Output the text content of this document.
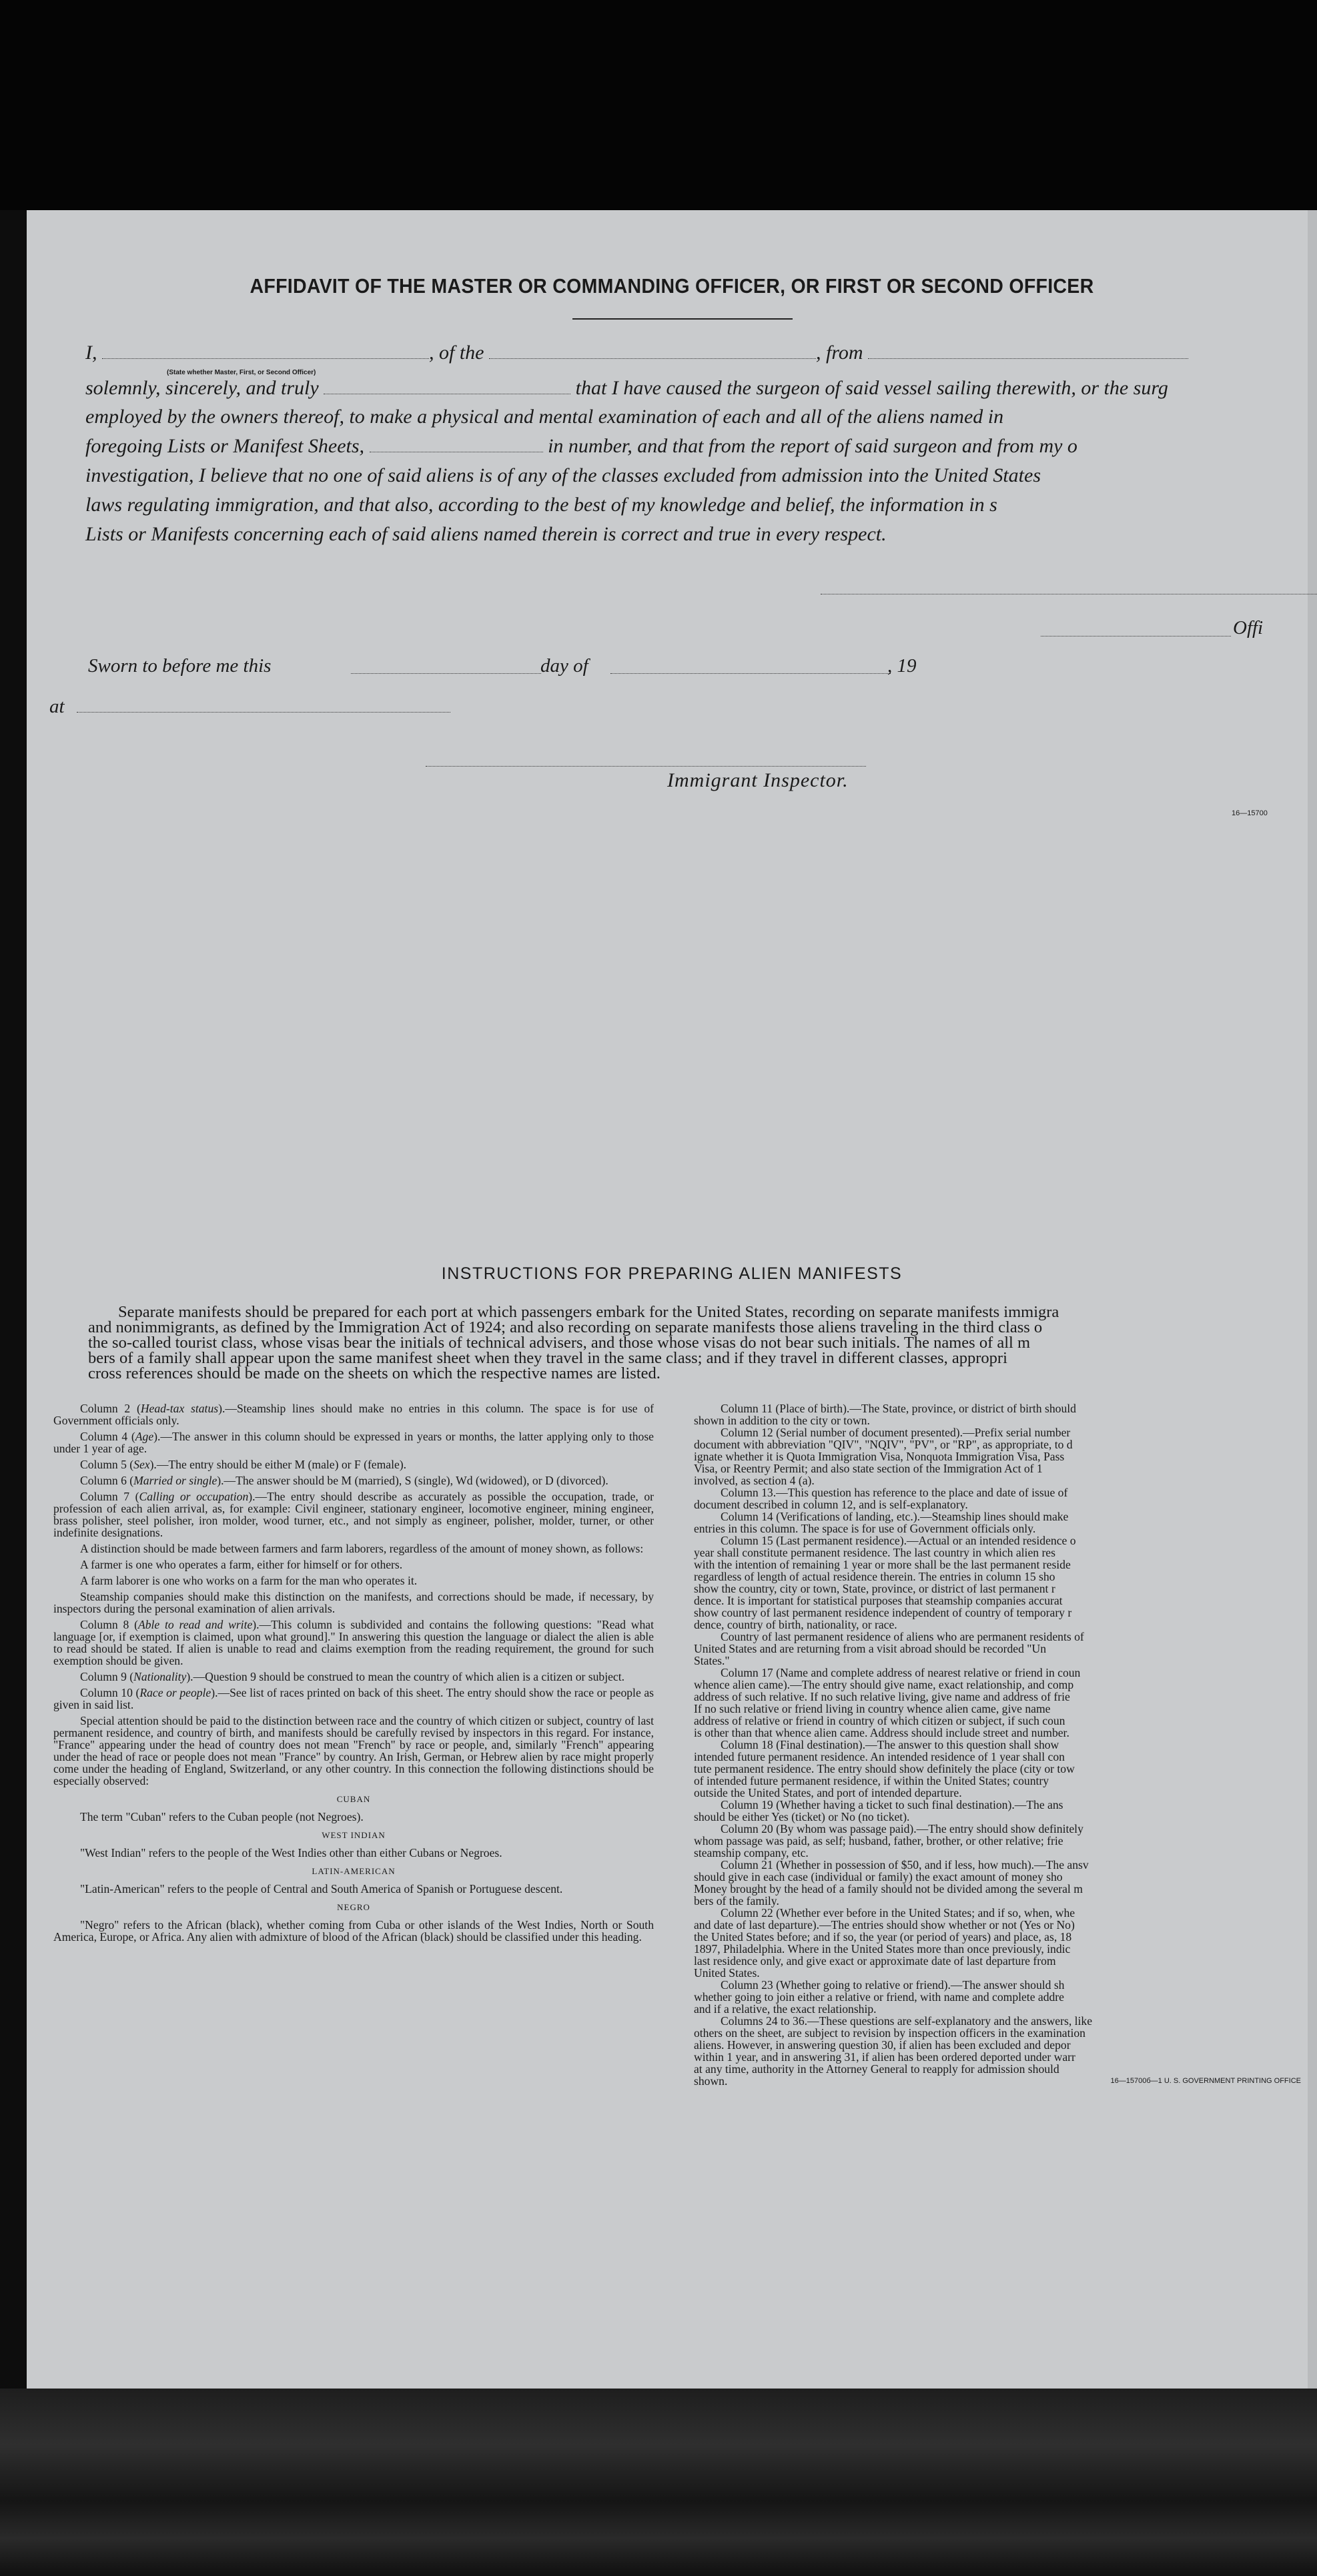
AFFIDAVIT OF THE MASTER OR COMMANDING OFFICER, OR FIRST OR SECOND OFFICER
I,	, of the	, from
(State whether Master, First, or Second Officer)
solemnly, sincerely, and truly	that I have caused the surgeon of said vessel sailing therewith, or the surg
employed by the owners thereof, to make a physical and mental examination of each and all of the aliens named in
foregoing Lists or Manifest Sheets,	in number, and that from the report of said surgeon and from my o
investigation, I believe that no one of said aliens is of any of the classes excluded from admission into the United States
laws regulating immigration, and that also, according to the best of my knowledge and belief, the information in s
Lists or Manifests concerning each of said aliens named therein is correct and true in every respect.
Offi
Sworn to before me this	day of	, 19
at
Immigrant Inspector.
16—15700
INSTRUCTIONS FOR PREPARING ALIEN MANIFESTS

Separate manifests should be prepared for each port at which passengers embark for the United States, recording on separate manifests immigra

and nonimmigrants, as defined by the Immigration Act of 1924; and also recording on separate manifests those aliens traveling in the third class o

the so-called tourist class, whose visas bear the initials of technical advisers, and those whose visas do not bear such initials. The names of all m

bers of a family shall appear upon the same manifest sheet when they travel in the same class; and if they travel in different classes, appropri

cross references should be made on the sheets on which the respective names are listed.

Column 2 (Head-tax status).—Steamship lines should make no entries in this column. The space is for use of Government officials only.

Column 4 (Age).—The answer in this column should be expressed in years or months, the latter applying only to those under 1 year of age.

Column 5 (Sex).—The entry should be either M (male) or F (female).

Column 6 (Married or single).—The answer should be M (married), S (single), Wd (widowed), or D (divorced).

Column 7 (Calling or occupation).—The entry should describe as accurately as possible the occupation, trade, or profession of each alien arrival, as, for example: Civil engineer, stationary engineer, locomotive engineer, mining engineer, brass polisher, steel polisher, iron molder, wood turner, etc., and not simply as engineer, polisher, molder, turner, or other indefinite designations.

A distinction should be made between farmers and farm laborers, regardless of the amount of money shown, as follows:

A farmer is one who operates a farm, either for himself or for others.

A farm laborer is one who works on a farm for the man who operates it.

Steamship companies should make this distinction on the manifests, and corrections should be made, if necessary, by inspectors during the personal examination of alien arrivals.

Column 8 (Able to read and write).—This column is subdivided and contains the following questions: "Read what language [or, if exemption is claimed, upon what ground]." In answering this question the language or dialect the alien is able to read should be stated. If alien is unable to read and claims exemption from the reading requirement, the ground for such exemption should be given.

Column 9 (Nationality).—Question 9 should be construed to mean the country of which alien is a citizen or subject.

Column 10 (Race or people).—See list of races printed on back of this sheet. The entry should show the race or people as given in said list.

Special attention should be paid to the distinction between race and the country of which citizen or subject, country of last permanent residence, and country of birth, and manifests should be carefully revised by inspectors in this regard. For instance, "France" appearing under the head of country does not mean "French" by race or people, and, similarly "French" appearing under the head of race or people does not mean "France" by country. An Irish, German, or Hebrew alien by race might properly come under the heading of England, Switzerland, or any other country. In this connection the following distinctions should be especially observed:

CUBAN

The term "Cuban" refers to the Cuban people (not Negroes).

WEST INDIAN

"West Indian" refers to the people of the West Indies other than either Cubans or Negroes.

LATIN-AMERICAN

"Latin-American" refers to the people of Central and South America of Spanish or Portuguese descent.

NEGRO

"Negro" refers to the African (black), whether coming from Cuba or other islands of the West Indies, North or South America, Europe, or Africa. Any alien with admixture of blood of the African (black) should be classified under this heading.

Column 11 (Place of birth).—The State, province, or district of birth should
shown in addition to the city or town.
Column 12 (Serial number of document presented).—Prefix serial number
document with abbreviation "QIV", "NQIV", "PV", or "RP", as appropriate, to d
ignate whether it is Quota Immigration Visa, Nonquota Immigration Visa, Pass
Visa, or Reentry Permit; and also state section of the Immigration Act of 1
involved, as section 4 (a).
Column 13.—This question has reference to the place and date of issue of
document described in column 12, and is self-explanatory.
Column 14 (Verifications of landing, etc.).—Steamship lines should make
entries in this column. The space is for use of Government officials only.
Column 15 (Last permanent residence).—Actual or an intended residence o
year shall constitute permanent residence. The last country in which alien res
with the intention of remaining 1 year or more shall be the last permanent reside
regardless of length of actual residence therein. The entries in column 15 sho
show the country, city or town, State, province, or district of last permanent r
dence. It is important for statistical purposes that steamship companies accurat
show country of last permanent residence independent of country of temporary r
dence, country of birth, nationality, or race.
Country of last permanent residence of aliens who are permanent residents of
United States and are returning from a visit abroad should be recorded "Un
States."
Column 17 (Name and complete address of nearest relative or friend in coun
whence alien came).—The entry should give name, exact relationship, and comp
address of such relative. If no such relative living, give name and address of frie
If no such relative or friend living in country whence alien came, give name
address of relative or friend in country of which citizen or subject, if such coun
is other than that whence alien came. Address should include street and number.
Column 18 (Final destination).—The answer to this question shall show
intended future permanent residence. An intended residence of 1 year shall con
tute permanent residence. The entry should show definitely the place (city or tow
of intended future permanent residence, if within the United States; country
outside the United States, and port of intended departure.
Column 19 (Whether having a ticket to such final destination).—The ans
should be either Yes (ticket) or No (no ticket).
Column 20 (By whom was passage paid).—The entry should show definitely
whom passage was paid, as self; husband, father, brother, or other relative; frie
steamship company, etc.
Column 21 (Whether in possession of $50, and if less, how much).—The ansv
should give in each case (individual or family) the exact amount of money sho
Money brought by the head of a family should not be divided among the several m
bers of the family.
Column 22 (Whether ever before in the United States; and if so, when, whe
and date of last departure).—The entries should show whether or not (Yes or No)
the United States before; and if so, the year (or period of years) and place, as, 18
1897, Philadelphia. Where in the United States more than once previously, indic
last residence only, and give exact or approximate date of last departure from
United States.
Column 23 (Whether going to relative or friend).—The answer should sh
whether going to join either a relative or friend, with name and complete addre
and if a relative, the exact relationship.
Columns 24 to 36.—These questions are self-explanatory and the answers, like
others on the sheet, are subject to revision by inspection officers in the examination
aliens. However, in answering question 30, if alien has been excluded and depor
within 1 year, and in answering 31, if alien has been ordered deported under warr
at any time, authority in the Attorney General to reapply for admission should
shown.	16—15700б—1 U. S. GOVERNMENT PRINTING OFFICE
